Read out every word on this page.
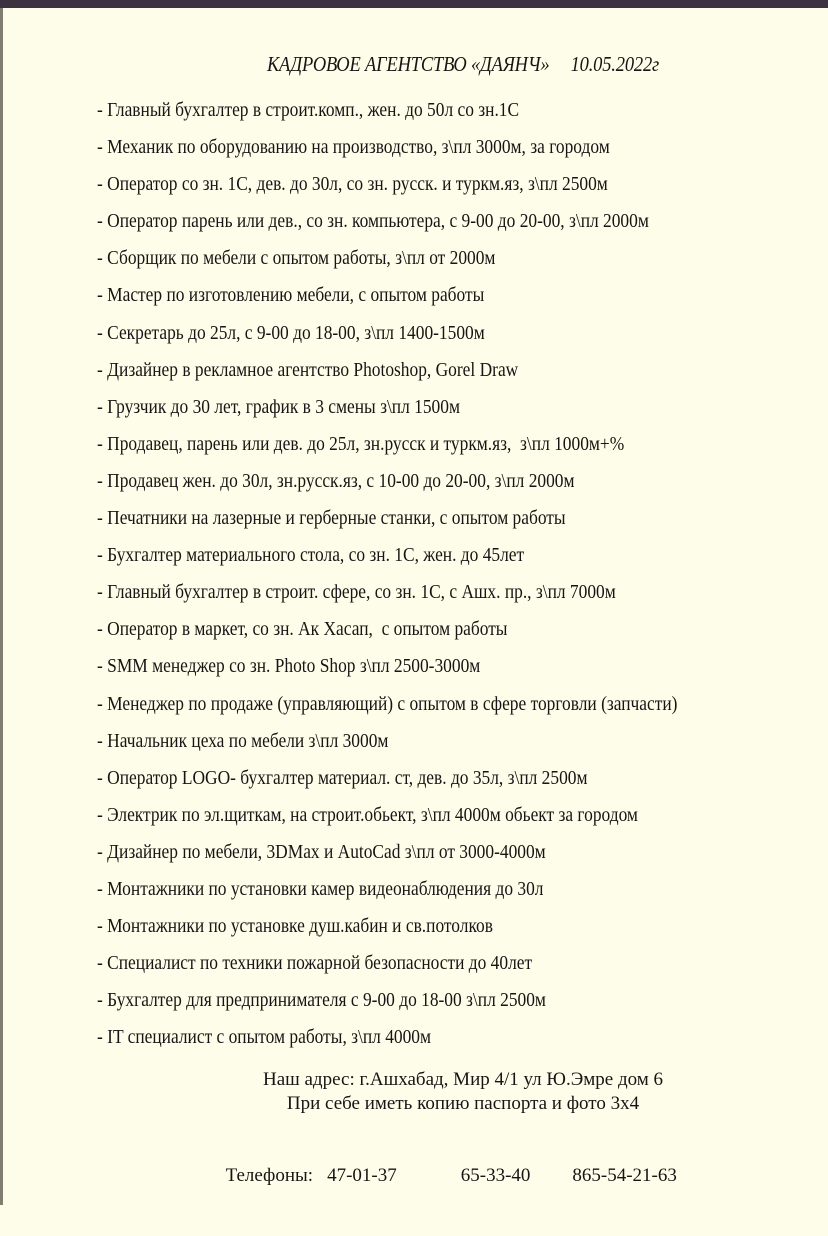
КАДРОВОЕ АГЕНТСТВО «ДАЯНЧ» 10.05.2022г
- Главный бухгалтер в строит.комп., жен. до 50л со зн.1С
- Механик по оборудованию на производство, з\пл 3000м, за городом
- Оператор со зн. 1С, дев. до 30л, со зн. русск. и туркм.яз, з\пл 2500м
- Оператор парень или дев., со зн. компьютера, с 9-00 до 20-00, з\пл 2000м
- Сборщик по мебели с опытом работы, з\пл от 2000м
- Мастер по изготовлению мебели, с опытом работы
- Секретарь до 25л, с 9-00 до 18-00, з\пл 1400-1500м
- Дизайнер в рекламное агентство Photoshop, Gorel Draw
- Грузчик до 30 лет, график в 3 смены з\пл 1500м
- Продавец, парень или дев. до 25л, зн.русск и туркм.яз,  з\пл 1000м+%
- Продавец жен. до 30л, зн.русск.яз, с 10-00 до 20-00, з\пл 2000м
- Печатники на лазерные и герберные станки, с опытом работы
- Бухгалтер материального стола, со зн. 1С, жен. до 45лет
- Главный бухгалтер в строит. сфере, со зн. 1С, с Ашх. пр., з\пл 7000м
- Оператор в маркет, со зн. Ак Хасап,  с опытом работы
- SMM менеджер со зн. Photo Shop з\пл 2500-3000м
- Менеджер по продаже (управляющий) с опытом в сфере торговли (запчасти)
- Начальник цеха по мебели з\пл 3000м
- Оператор LOGO- бухгалтер материал. ст, дев. до 35л, з\пл 2500м
- Электрик по эл.щиткам, на строит.обьект, з\пл 4000м обьект за городом
- Дизайнер по мебели, 3DMax и AutoCad з\пл от 3000-4000м
- Монтажники по установки камер видеонаблюдения до 30л
- Монтажники по установке душ.кабин и св.потолков
- Специалист по техники пожарной безопасности до 40лет
- Бухгалтер для предпринимателя с 9-00 до 18-00 з\пл 2500м
- IT специалист с опытом работы, з\пл 4000м
Наш адрес: г.Ашхабад, Мир 4/1 ул Ю.Эмре дом 6
При себе иметь копию паспорта и фото 3х4

Телефоны: 47-01-37	65-33-40 865-54-21-63
